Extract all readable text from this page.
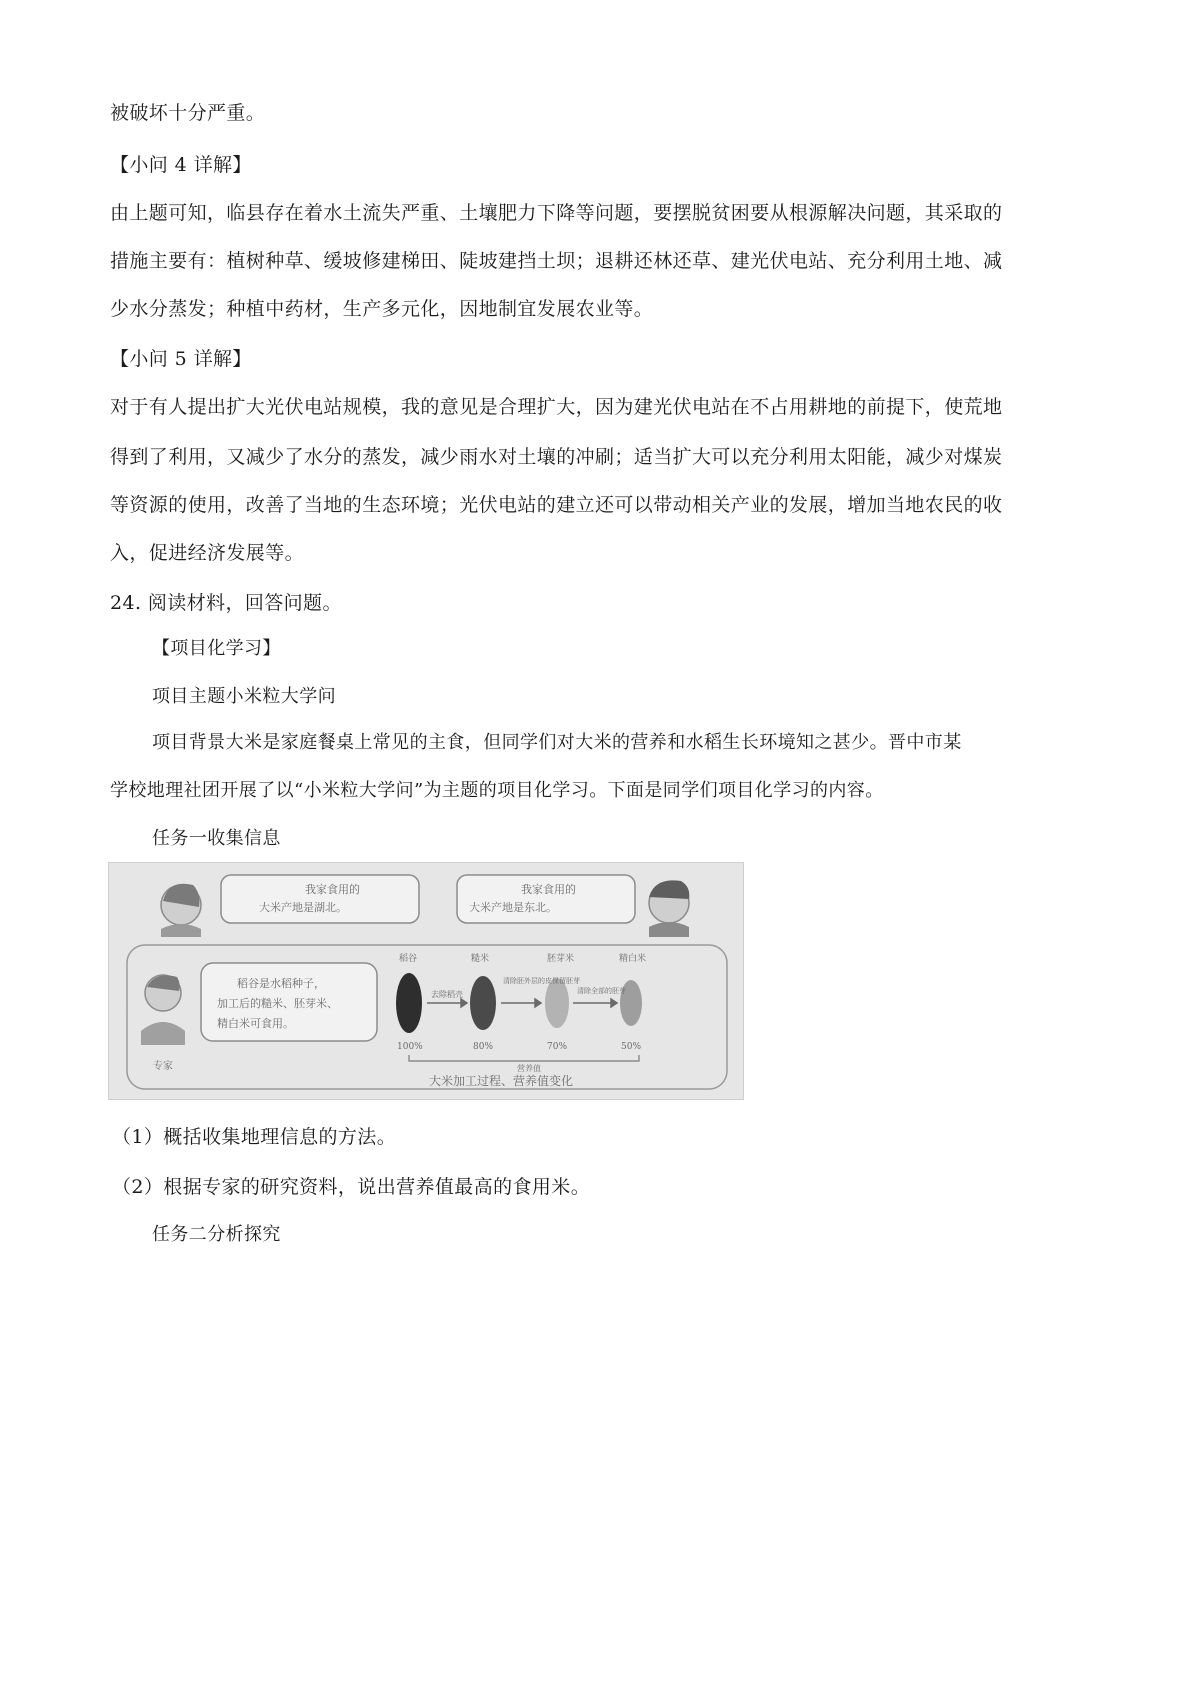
被破坏十分严重。
【小问 4 详解】
由上题可知，临县存在着水土流失严重、土壤肥力下降等问题，要摆脱贫困要从根源解决问题，其采取的
措施主要有：植树种草、缓坡修建梯田、陡坡建挡土坝；退耕还林还草、建光伏电站、充分利用土地、减
少水分蒸发；种植中药材，生产多元化，因地制宜发展农业等。
【小问 5 详解】
对于有人提出扩大光伏电站规模，我的意见是合理扩大，因为建光伏电站在不占用耕地的前提下，使荒地
得到了利用，又减少了水分的蒸发，减少雨水对土壤的冲刷；适当扩大可以充分利用太阳能，减少对煤炭
等资源的使用，改善了当地的生态环境；光伏电站的建立还可以带动相关产业的发展，增加当地农民的收
入，促进经济发展等。
24. 阅读材料，回答问题。
【项目化学习】
项目主题小米粒大学问
项目背景大米是家庭餐桌上常见的主食，但同学们对大米的营养和水稻生长环境知之甚少。晋中市某
学校地理社团开展了以“小米粒大学问”为主题的项目化学习。下面是同学们项目化学习的内容。
任务一收集信息
我家食用的
大米产地是湖北。
我家食用的
大米产地是东北。
专家
稻谷是水稻种子，
加工后的糙米、胚芽米、
精白米可食用。
稻谷	糙米	胚芽米	精白米
去除稻壳
清除胚外层的皮保留胚芽
清除全部的胚芽
100%	80%	70%	50%
营养值
大米加工过程、营养值变化
（1）概括收集地理信息的方法。
（2）根据专家的研究资料，说出营养值最高的食用米。
任务二分析探究
